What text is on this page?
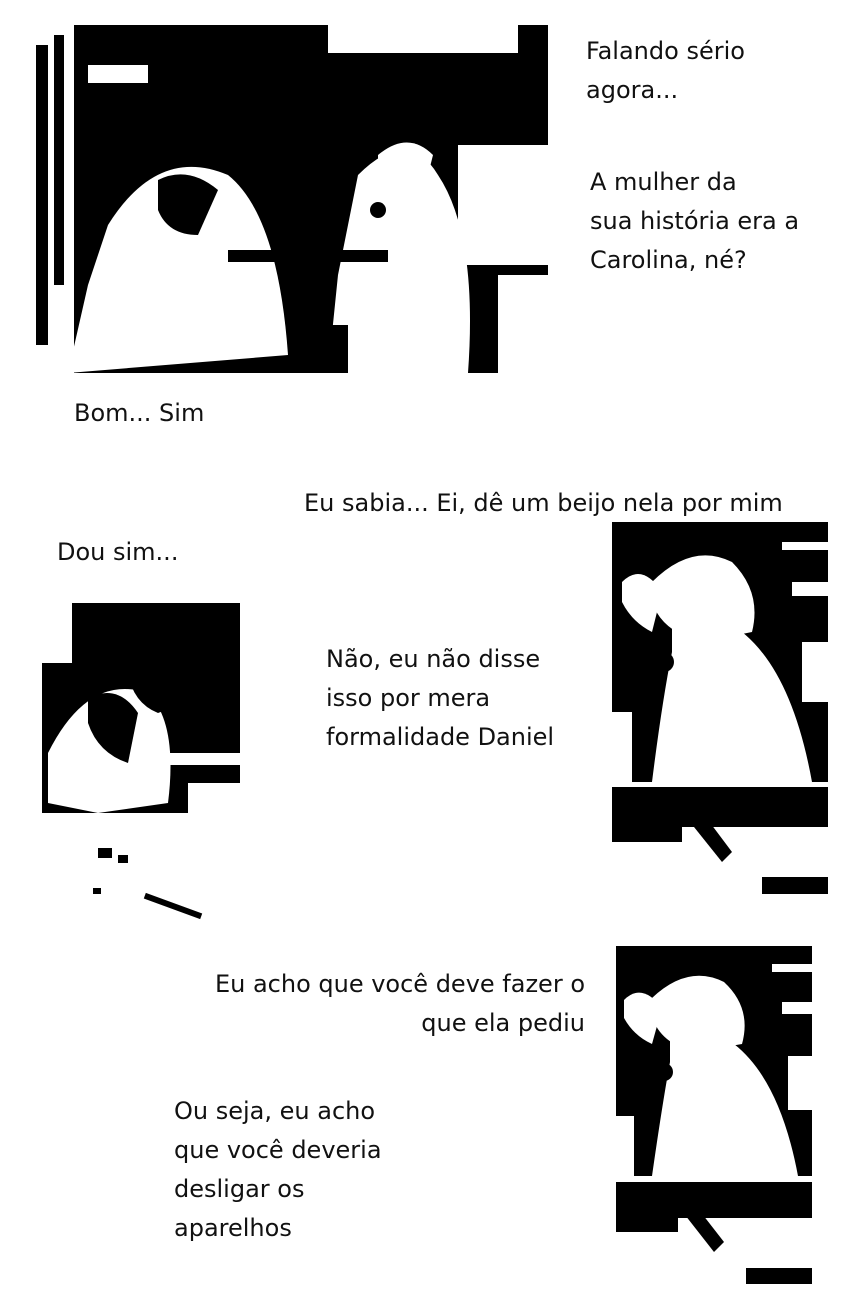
Falando sério
agora...

A mulher da
sua história era a
Carolina, né?

Bom... Sim

Eu sabia... Ei, dê um beijo nela por mim

Dou sim...

Não, eu não disse
isso por mera
formalidade Daniel

Eu acho que você deve fazer o
que ela pediu

Ou seja, eu acho
que você deveria
desligar os
aparelhos
